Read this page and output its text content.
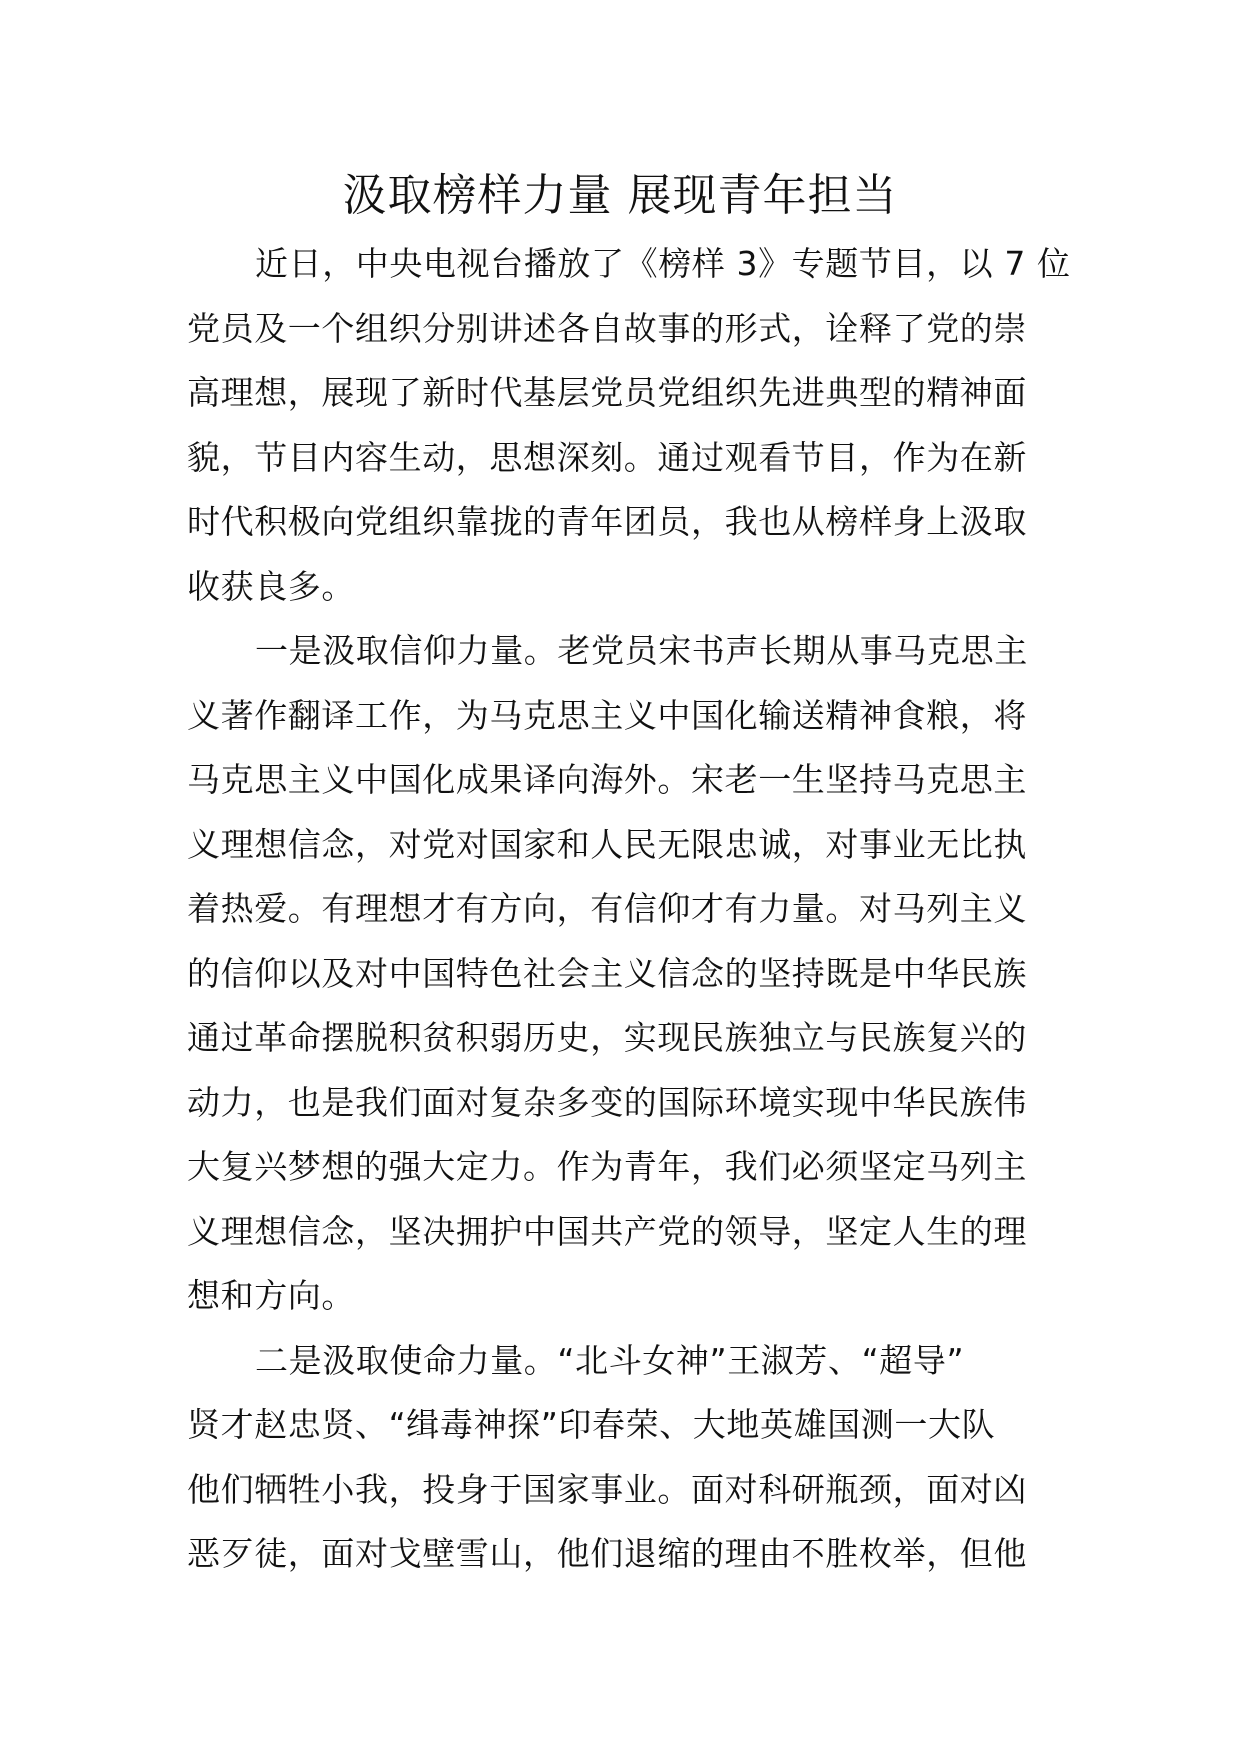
汲取榜样力量 展现青年担当
近日，中央电视台播放了《榜样 3》专题节目，以 7 位
党员及一个组织分别讲述各自故事的形式，诠释了党的崇
高理想，展现了新时代基层党员党组织先进典型的精神面
貌，节目内容生动，思想深刻。通过观看节目，作为在新
时代积极向党组织靠拢的青年团员，我也从榜样身上汲取
收获良多。
一是汲取信仰力量。老党员宋书声长期从事马克思主
义著作翻译工作，为马克思主义中国化输送精神食粮，将
马克思主义中国化成果译向海外。宋老一生坚持马克思主
义理想信念，对党对国家和人民无限忠诚，对事业无比执
着热爱。有理想才有方向，有信仰才有力量。对马列主义
的信仰以及对中国特色社会主义信念的坚持既是中华民族
通过革命摆脱积贫积弱历史，实现民族独立与民族复兴的
动力，也是我们面对复杂多变的国际环境实现中华民族伟
大复兴梦想的强大定力。作为青年，我们必须坚定马列主
义理想信念，坚决拥护中国共产党的领导，坚定人生的理
想和方向。
二是汲取使命力量。“北斗女神”王淑芳、“超导”
贤才赵忠贤、“缉毒神探”印春荣、大地英雄国测一大队
他们牺牲小我，投身于国家事业。面对科研瓶颈，面对凶
恶歹徒，面对戈壁雪山，他们退缩的理由不胜枚举，但他
